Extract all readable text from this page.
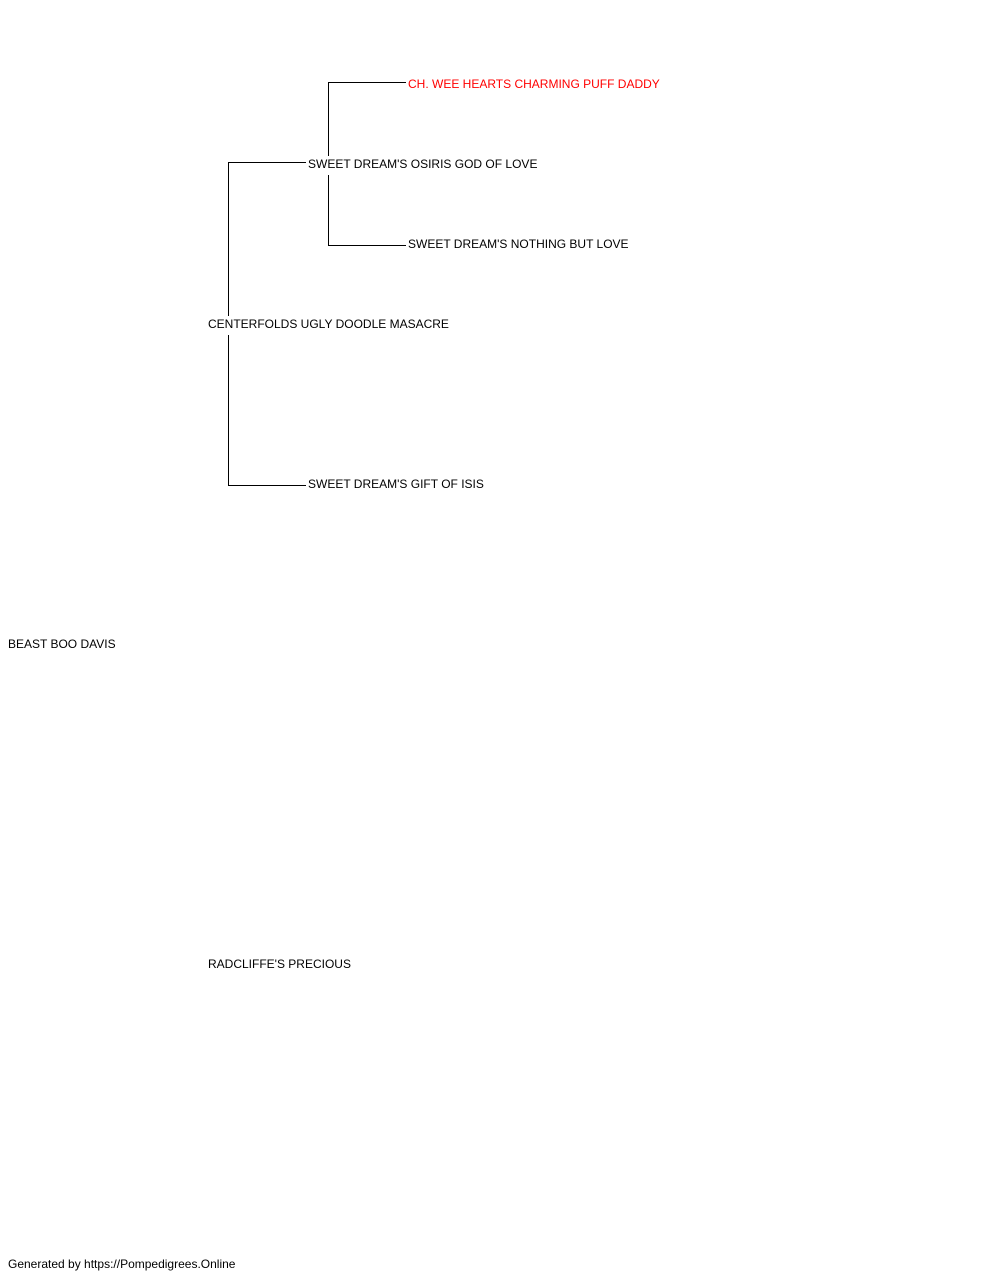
BEAST BOO DAVIS
CENTERFOLDS UGLY DOODLE MASACRE
RADCLIFFE'S PRECIOUS
SWEET DREAM'S OSIRIS GOD OF LOVE
SWEET DREAM'S GIFT OF ISIS
CH. WEE HEARTS CHARMING PUFF DADDY
SWEET DREAM'S NOTHING BUT LOVE
Generated by https://Pompedigrees.Online
